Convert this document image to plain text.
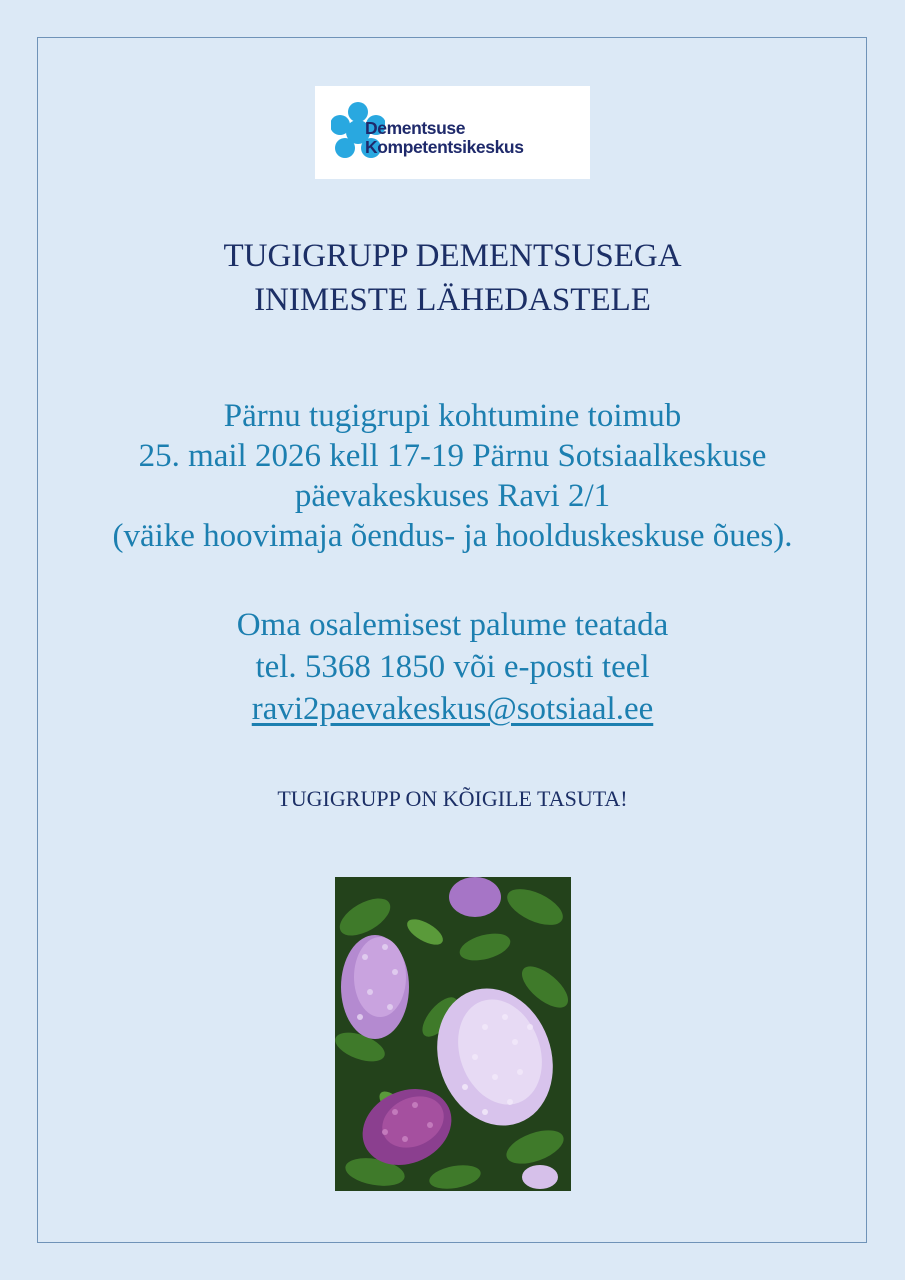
Dementsuse
Kompetentsikeskus
TUGIGRUPP DEMENTSUSEGA
INIMESTE LÄHEDASTELE
Pärnu tugigrupi kohtumine toimub
25. mail 2026 kell 17-19 Pärnu Sotsiaalkeskuse
päevakeskuses Ravi 2/1
(väike hoovimaja õendus- ja hoolduskeskuse õues).
Oma osalemisest palume teatada
tel. 5368 1850 või e-posti teel
ravi2paevakeskus@sotsiaal.ee
TUGIGRUPP ON KÕIGILE TASUTA!
